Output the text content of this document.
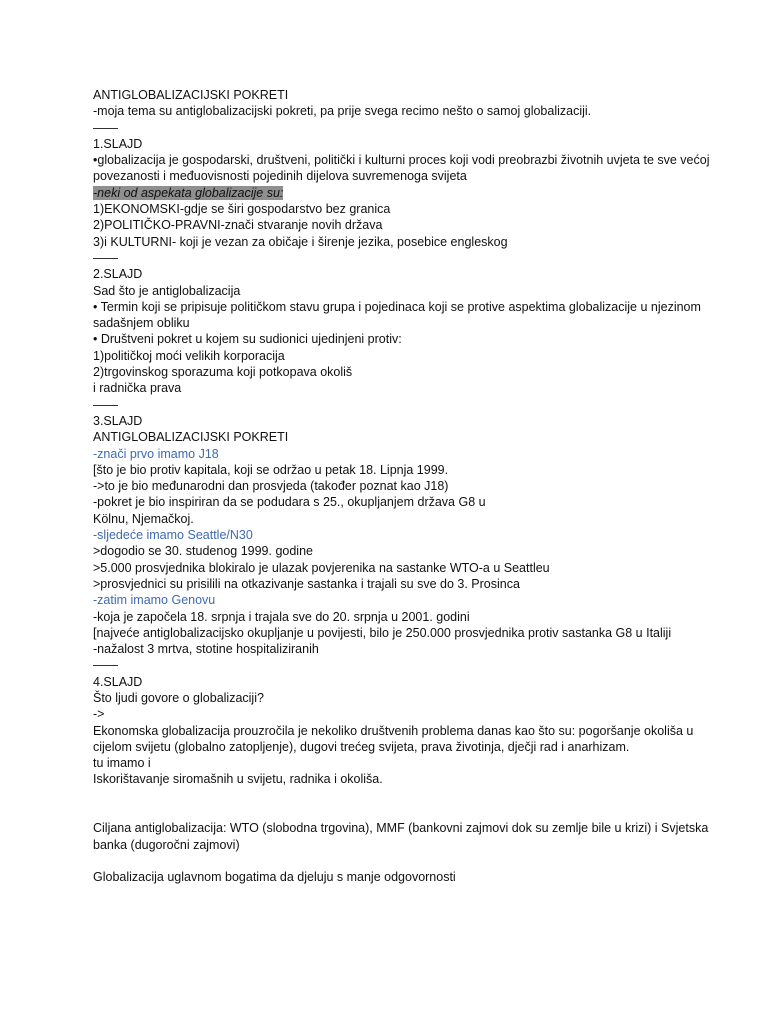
ANTIGLOBALIZACIJSKI POKRETI
-moja tema su antiglobalizacijski pokreti, pa prije svega recimo nešto o samoj globalizaciji.
——
1.SLAJD
•globalizacija je gospodarski, društveni, politički i kulturni proces koji vodi preobrazbi životnih uvjeta te sve većoj povezanosti i međuovisnosti pojedinih dijelova suvremenoga svijeta
-neki od aspekata globalizacije su:
1)EKONOMSKI-gdje se širi gospodarstvo bez granica
2)POLITIČKO-PRAVNI-znači stvaranje novih država
3)i KULTURNI- koji je vezan za običaje i širenje jezika, posebice engleskog
——
2.SLAJD
Sad što je antiglobalizacija
• Termin koji se pripisuje političkom stavu grupa i pojedinaca koji se protive aspektima globalizacije u njezinom sadašnjem obliku
• Društveni pokret u kojem su sudionici ujedinjeni protiv:
1)političkoj moći velikih korporacija
2)trgovinskog sporazuma koji potkopava okoliš
i radnička prava
——
3.SLAJD
ANTIGLOBALIZACIJSKI POKRETI
-znači prvo imamo J18
[što je bio protiv kapitala, koji se održao u petak 18. Lipnja 1999.
->to je bio međunarodni dan prosvjeda (također poznat kao J18)
-pokret je bio inspiriran da se podudara s 25., okupljanjem država G8 u
Kölnu, Njemačkoj.
-sljedeće imamo Seattle/N30
>dogodio se 30. studenog 1999. godine
>5.000 prosvjednika blokiralo je ulazak povjerenika na sastanke WTO-a u Seattleu
>prosvjednici su prisilili na otkazivanje sastanka i trajali su sve do 3. Prosinca
-zatim imamo Genovu
-koja je započela 18. srpnja i trajala sve do 20. srpnja u 2001. godini
[najveće antiglobalizacijsko okupljanje u povijesti, bilo je 250.000 prosvjednika protiv sastanka G8 u Italiji
-nažalost 3 mrtva, stotine hospitaliziranih
——
4.SLAJD
Što ljudi govore o globalizaciji?
->
Ekonomska globalizacija prouzročila je nekoliko društvenih problema danas kao što su: pogoršanje okoliša u cijelom svijetu (globalno zatopljenje), dugovi trećeg svijeta, prava životinja, dječji rad i anarhizam.
tu imamo i
Iskorištavanje siromašnih u svijetu, radnika i okoliša.
Ciljana antiglobalizacija: WTO (slobodna trgovina), MMF (bankovni zajmovi dok su zemlje bile u krizi) i Svjetska banka (dugoročni zajmovi)
Globalizacija uglavnom bogatima da djeluju s manje odgovornosti
